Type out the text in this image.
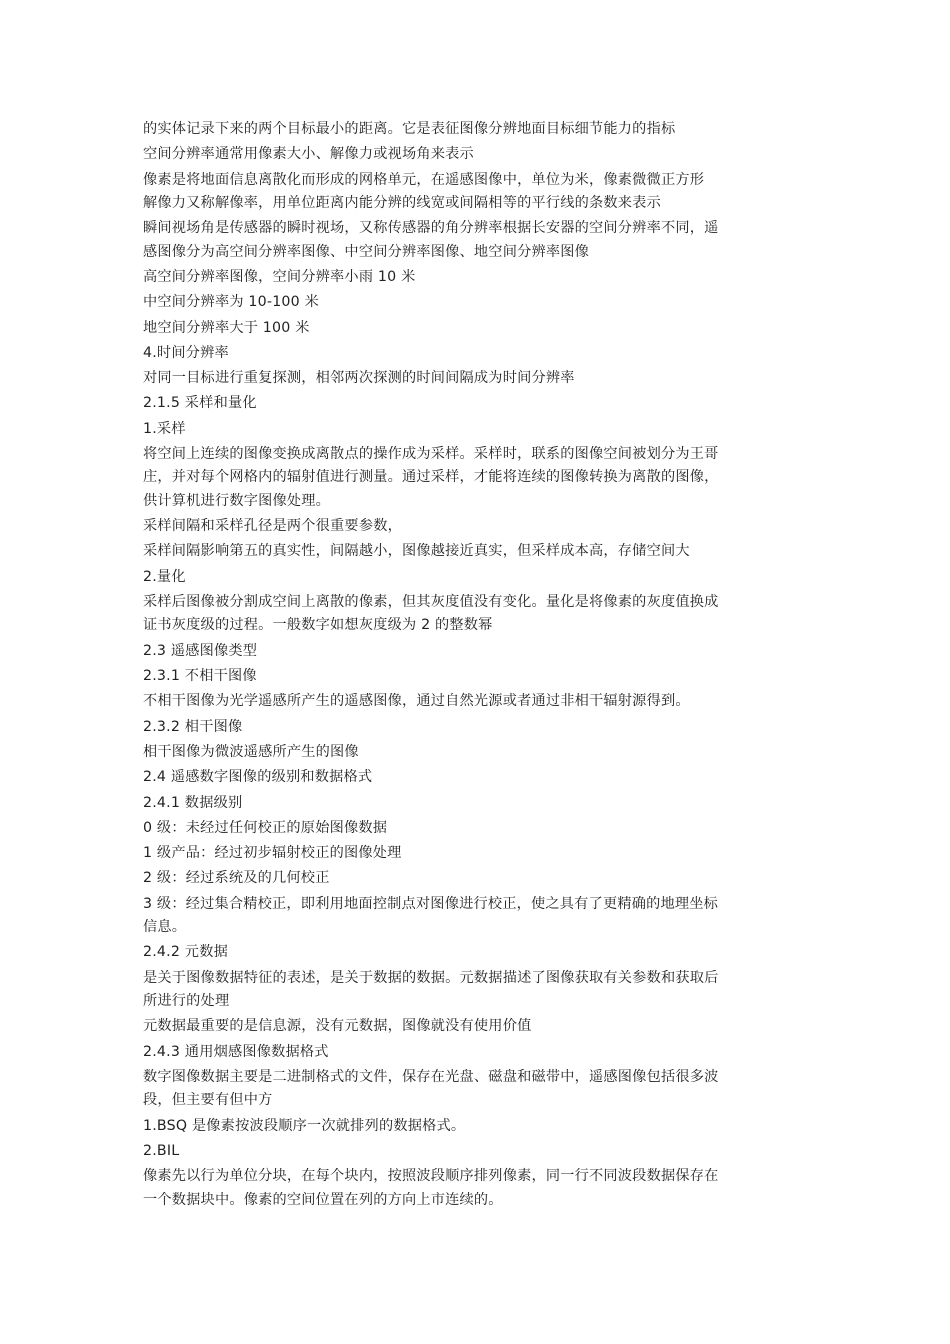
的实体记录下来的两个目标最小的距离。它是表征图像分辨地面目标细节能力的指标
空间分辨率通常用像素大小、解像力或视场角来表示
像素是将地面信息离散化而形成的网格单元，在遥感图像中，单位为米，像素微微正方形
解像力又称解像率，用单位距离内能分辨的线宽或间隔相等的平行线的条数来表示
瞬间视场角是传感器的瞬时视场，又称传感器的角分辨率根据长安器的空间分辨率不同，遥
感图像分为高空间分辨率图像、中空间分辨率图像、地空间分辨率图像
高空间分辨率图像，空间分辨率小雨 10 米
中空间分辨率为 10-100 米
地空间分辨率大于 100 米
4.时间分辨率
对同一目标进行重复探测，相邻两次探测的时间间隔成为时间分辨率
2.1.5 采样和量化
1.采样
将空间上连续的图像变换成离散点的操作成为采样。采样时，联系的图像空间被划分为王哥
庄，并对每个网格内的辐射值进行测量。通过采样，才能将连续的图像转换为离散的图像，
供计算机进行数字图像处理。
采样间隔和采样孔径是两个很重要参数，
采样间隔影响第五的真实性，间隔越小，图像越接近真实，但采样成本高，存储空间大
2.量化
采样后图像被分割成空间上离散的像素，但其灰度值没有变化。量化是将像素的灰度值换成
证书灰度级的过程。一般数字如想灰度级为 2 的整数幂
2.3 遥感图像类型
2.3.1 不相干图像
不相干图像为光学遥感所产生的遥感图像，通过自然光源或者通过非相干辐射源得到。
2.3.2 相干图像
相干图像为微波遥感所产生的图像
2.4 遥感数字图像的级别和数据格式
2.4.1 数据级别
0 级：未经过任何校正的原始图像数据
1 级产品：经过初步辐射校正的图像处理
2 级：经过系统及的几何校正
3 级：经过集合精校正，即利用地面控制点对图像进行校正，使之具有了更精确的地理坐标
信息。
2.4.2 元数据
是关于图像数据特征的表述，是关于数据的数据。元数据描述了图像获取有关参数和获取后
所进行的处理
元数据最重要的是信息源，没有元数据，图像就没有使用价值
2.4.3 通用烟感图像数据格式
数字图像数据主要是二进制格式的文件，保存在光盘、磁盘和磁带中，遥感图像包括很多波
段，但主要有但中方
1.BSQ 是像素按波段顺序一次就排列的数据格式。
2.BIL
像素先以行为单位分块，在每个块内，按照波段顺序排列像素，同一行不同波段数据保存在
一个数据块中。像素的空间位置在列的方向上市连续的。
